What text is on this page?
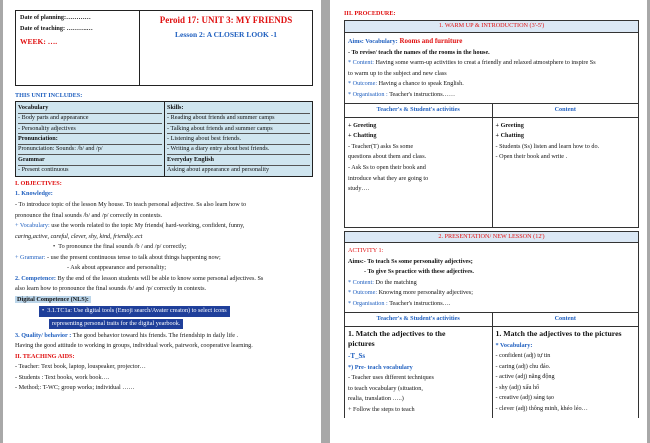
Date of planning:…………
Date of teaching: ……….…
WEEK: ….
Peroid 17: UNIT 3: MY FRIENDS
Lesson 2: A CLOSER LOOK -1
THIS UNIT INCLUDES:
Vocabulary
- Body parts and appearance
- Personality adjectives
Pronunciation:
Pronunciation: Sounds: /b/ and /p/
Grammar
- Present continuous
Skills:
- Reading about friends and summer camps
- Talking about friends and summer camps
- Listening about best friends.
- Writing a diary entry about best friends.
Everyday English
Asking about appearance and personality
I. OBJECTIVES:
1. Knowledge:
- To introduce topic of the lesson My house. To teach personal adjective. Ss also learn how to
pronounce the final sounds /b/ and /p/ correctly in contexts.
+ Vocabulary: use the words related to the topic My friends( hard-working, confident, funny,
caring,active, careful, clever, shy, kind, friendly..ect
•  To pronounce the final sounds /b / and /p/ correctly;
+ Grammar: - use the present continuous tense to talk about things happening now;
- Ask about appearance and personality;
2. Competence: By the end of the lesson students will be able to know some personal adjectives. Ss
also learn how to pronounce the final sounds /b/ and /p/ correctly in contexts.
Digital Competence (NLS):
•  3.1.TC1a: Use digital tools (Emoji search/Avater creaton) to select icons
representing personal traits for the digital yearbook.
3. Quality/ behavior : The good behavior toward his friends. The friendship in daily life .
Having the good attitude to working in groups, individual work, pairwork, cooperative learning.
II. TEACHING AIDS:
- Teacher: Text book, laptop, louspeaker, projector…
- Students : Text books, work book….
- Method;: T-WC; group works; individual ……
III. PROCEDURE:
1. WARM UP & INTRODUCTION (3'-5')
Aims: Vocabulary: Rooms and furniture
- To revise/ teach the names of the rooms in the house.
* Content: Having some warm-up activities to creat a friendly and relaxed atmostphere to inspire Ss
to warm up to the subject and new class
* Outcome: Having a chance to speak English.
* Organisation : Teacher's instructions……
Teacher's & Student's activities	Content
+ Greeting
+ Chatting
- Teacher(T) asks Ss some
questions about them and class.
- Ask Ss to open their book and
introduce what they are going to
study….
+ Greeting
+ Chatting
- Students (Ss) listen and learn how to do.
- Open their book and write .
2. PRESENTATION/ NEW LESSON (12')
ACTIVITY 1:
Aims:- To teach Ss some personality adjectives;
- To give Ss practice with these adjectives.
* Content: Do the matching
* Outcome: Knowing more personality adjectives;
* Organisation : Teacher's instructions….
Teacher's & Student's activities	Content
1. Match the adjectives to the
pictures
-T_Ss
*) Pre- teach vocabulary
- Teacher uses different techniques
to teach vocabulary (situation,
realia, translation …..)
+ Follow the steps to teach
1. Match the adjectives to the pictures
* Vocabulary:
- confident (adj) tự tin
- caring (adj) chu đáo.
- active (adj) năng động
- shy (adj) xấu hổ
- creative (adj) sáng tạo
- clever (adj) thông minh, khéo léo…
